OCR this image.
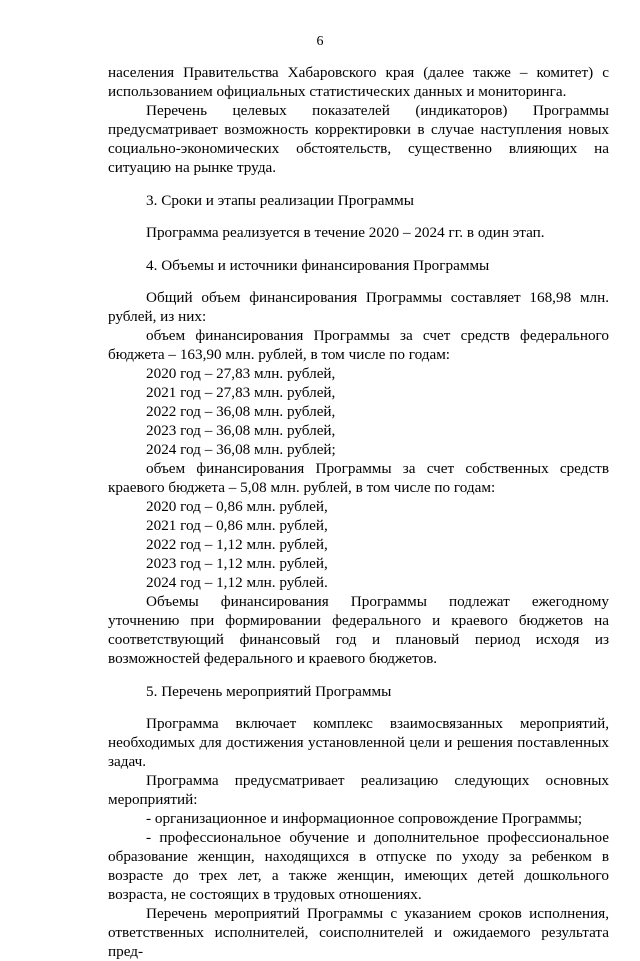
6

населения Правительства Хабаровского края (далее также – комитет) с использованием официальных статистических данных и мониторинга.

Перечень целевых показателей (индикаторов) Программы предусматривает возможность корректировки в случае наступления новых социально-экономических обстоятельств, существенно влияющих на ситуацию на рынке труда.

3. Сроки и этапы реализации Программы

Программа реализуется в течение 2020 – 2024 гг. в один этап.

4. Объемы и источники финансирования Программы

Общий объем финансирования Программы составляет 168,98 млн. рублей, из них:

объем финансирования Программы за счет средств федерального бюджета – 163,90 млн. рублей, в том числе по годам:

2020 год – 27,83 млн. рублей,

2021 год – 27,83 млн. рублей,

2022 год – 36,08 млн. рублей,

2023 год – 36,08 млн. рублей,

2024 год – 36,08 млн. рублей;

объем финансирования Программы за счет собственных средств краевого бюджета – 5,08 млн. рублей, в том числе по годам:

2020 год – 0,86 млн. рублей,

2021 год – 0,86 млн. рублей,

2022 год – 1,12 млн. рублей,

2023 год – 1,12 млн. рублей,

2024 год – 1,12 млн. рублей.

Объемы финансирования Программы подлежат ежегодному уточнению при формировании федерального и краевого бюджетов на соответствующий финансовый год и плановый период исходя из возможностей федерального и краевого бюджетов.

5. Перечень мероприятий Программы

Программа включает комплекс взаимосвязанных мероприятий, необходимых для достижения установленной цели и решения поставленных задач.

Программа предусматривает реализацию следующих основных мероприятий:

- организационное и информационное сопровождение Программы;

- профессиональное обучение и дополнительное профессиональное образование женщин, находящихся в отпуске по уходу за ребенком в возрасте до трех лет, а также женщин, имеющих детей дошкольного возраста, не состоящих в трудовых отношениях.

Перечень мероприятий Программы с указанием сроков исполнения, ответственных исполнителей, соисполнителей и ожидаемого результата пред-
